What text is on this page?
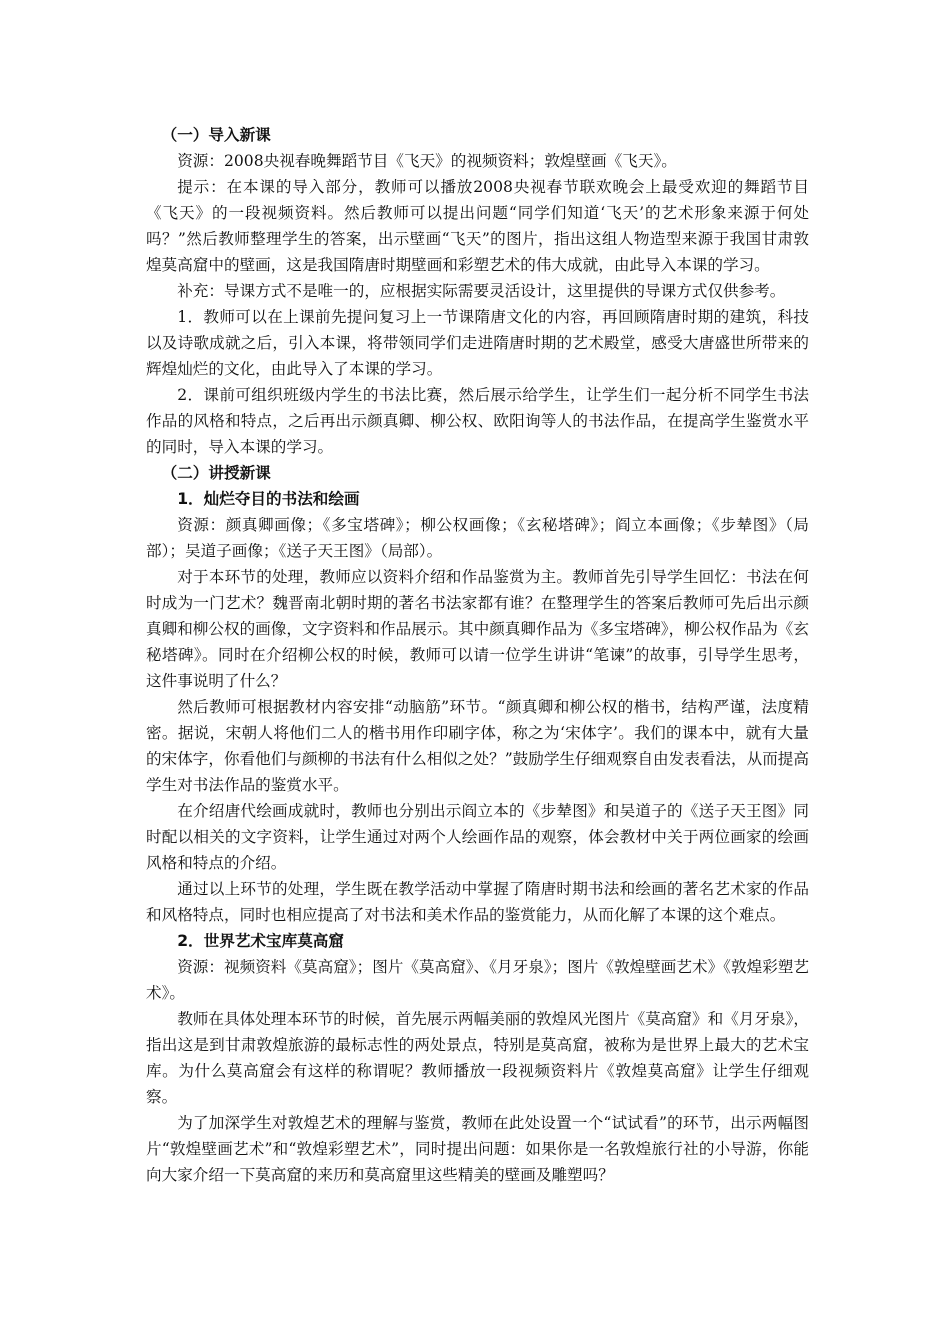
（一）导入新课

资源：2008央视春晚舞蹈节目《飞天》的视频资料；敦煌壁画《飞天》。

提示：在本课的导入部分，教师可以播放2008央视春节联欢晚会上最受欢迎的舞蹈节目《飞天》的一段视频资料。然后教师可以提出问题“同学们知道‘飞天’的艺术形象来源于何处吗？”然后教师整理学生的答案，出示壁画“飞天”的图片，指出这组人物造型来源于我国甘肃敦煌莫高窟中的壁画，这是我国隋唐时期壁画和彩塑艺术的伟大成就，由此导入本课的学习。

补充：导课方式不是唯一的，应根据实际需要灵活设计，这里提供的导课方式仅供参考。

1．教师可以在上课前先提问复习上一节课隋唐文化的内容，再回顾隋唐时期的建筑，科技以及诗歌成就之后，引入本课，将带领同学们走进隋唐时期的艺术殿堂，感受大唐盛世所带来的辉煌灿烂的文化，由此导入了本课的学习。

2．课前可组织班级内学生的书法比赛，然后展示给学生，让学生们一起分析不同学生书法作品的风格和特点，之后再出示颜真卿、柳公权、欧阳询等人的书法作品，在提高学生鉴赏水平的同时，导入本课的学习。

（二）讲授新课
1．灿烂夺目的书法和绘画

资源：颜真卿画像；《多宝塔碑》；柳公权画像；《玄秘塔碑》；阎立本画像；《步辇图》（局部）；吴道子画像；《送子天王图》（局部）。

对于本环节的处理，教师应以资料介绍和作品鉴赏为主。教师首先引导学生回忆：书法在何时成为一门艺术？魏晋南北朝时期的著名书法家都有谁？在整理学生的答案后教师可先后出示颜真卿和柳公权的画像，文字资料和作品展示。其中颜真卿作品为《多宝塔碑》，柳公权作品为《玄秘塔碑》。同时在介绍柳公权的时候，教师可以请一位学生讲讲“笔谏”的故事，引导学生思考，这件事说明了什么？

然后教师可根据教材内容安排“动脑筋”环节。“颜真卿和柳公权的楷书，结构严谨，法度精密。据说，宋朝人将他们二人的楷书用作印刷字体，称之为‘宋体字’。我们的课本中，就有大量的宋体字，你看他们与颜柳的书法有什么相似之处？”鼓励学生仔细观察自由发表看法，从而提高学生对书法作品的鉴赏水平。

在介绍唐代绘画成就时，教师也分别出示阎立本的《步辇图》和吴道子的《送子天王图》同时配以相关的文字资料，让学生通过对两个人绘画作品的观察，体会教材中关于两位画家的绘画风格和特点的介绍。

通过以上环节的处理，学生既在教学活动中掌握了隋唐时期书法和绘画的著名艺术家的作品和风格特点，同时也相应提高了对书法和美术作品的鉴赏能力，从而化解了本课的这个难点。

2．世界艺术宝库莫高窟

资源：视频资料《莫高窟》；图片《莫高窟》、《月牙泉》；图片《敦煌壁画艺术》《敦煌彩塑艺术》。

教师在具体处理本环节的时候，首先展示两幅美丽的敦煌风光图片《莫高窟》和《月牙泉》，指出这是到甘肃敦煌旅游的最标志性的两处景点，特别是莫高窟，被称为是世界上最大的艺术宝库。为什么莫高窟会有这样的称谓呢？教师播放一段视频资料片《敦煌莫高窟》让学生仔细观察。

为了加深学生对敦煌艺术的理解与鉴赏，教师在此处设置一个“试试看”的环节，出示两幅图片“敦煌壁画艺术”和“敦煌彩塑艺术”，同时提出问题：如果你是一名敦煌旅行社的小导游，你能向大家介绍一下莫高窟的来历和莫高窟里这些精美的壁画及雕塑吗？
